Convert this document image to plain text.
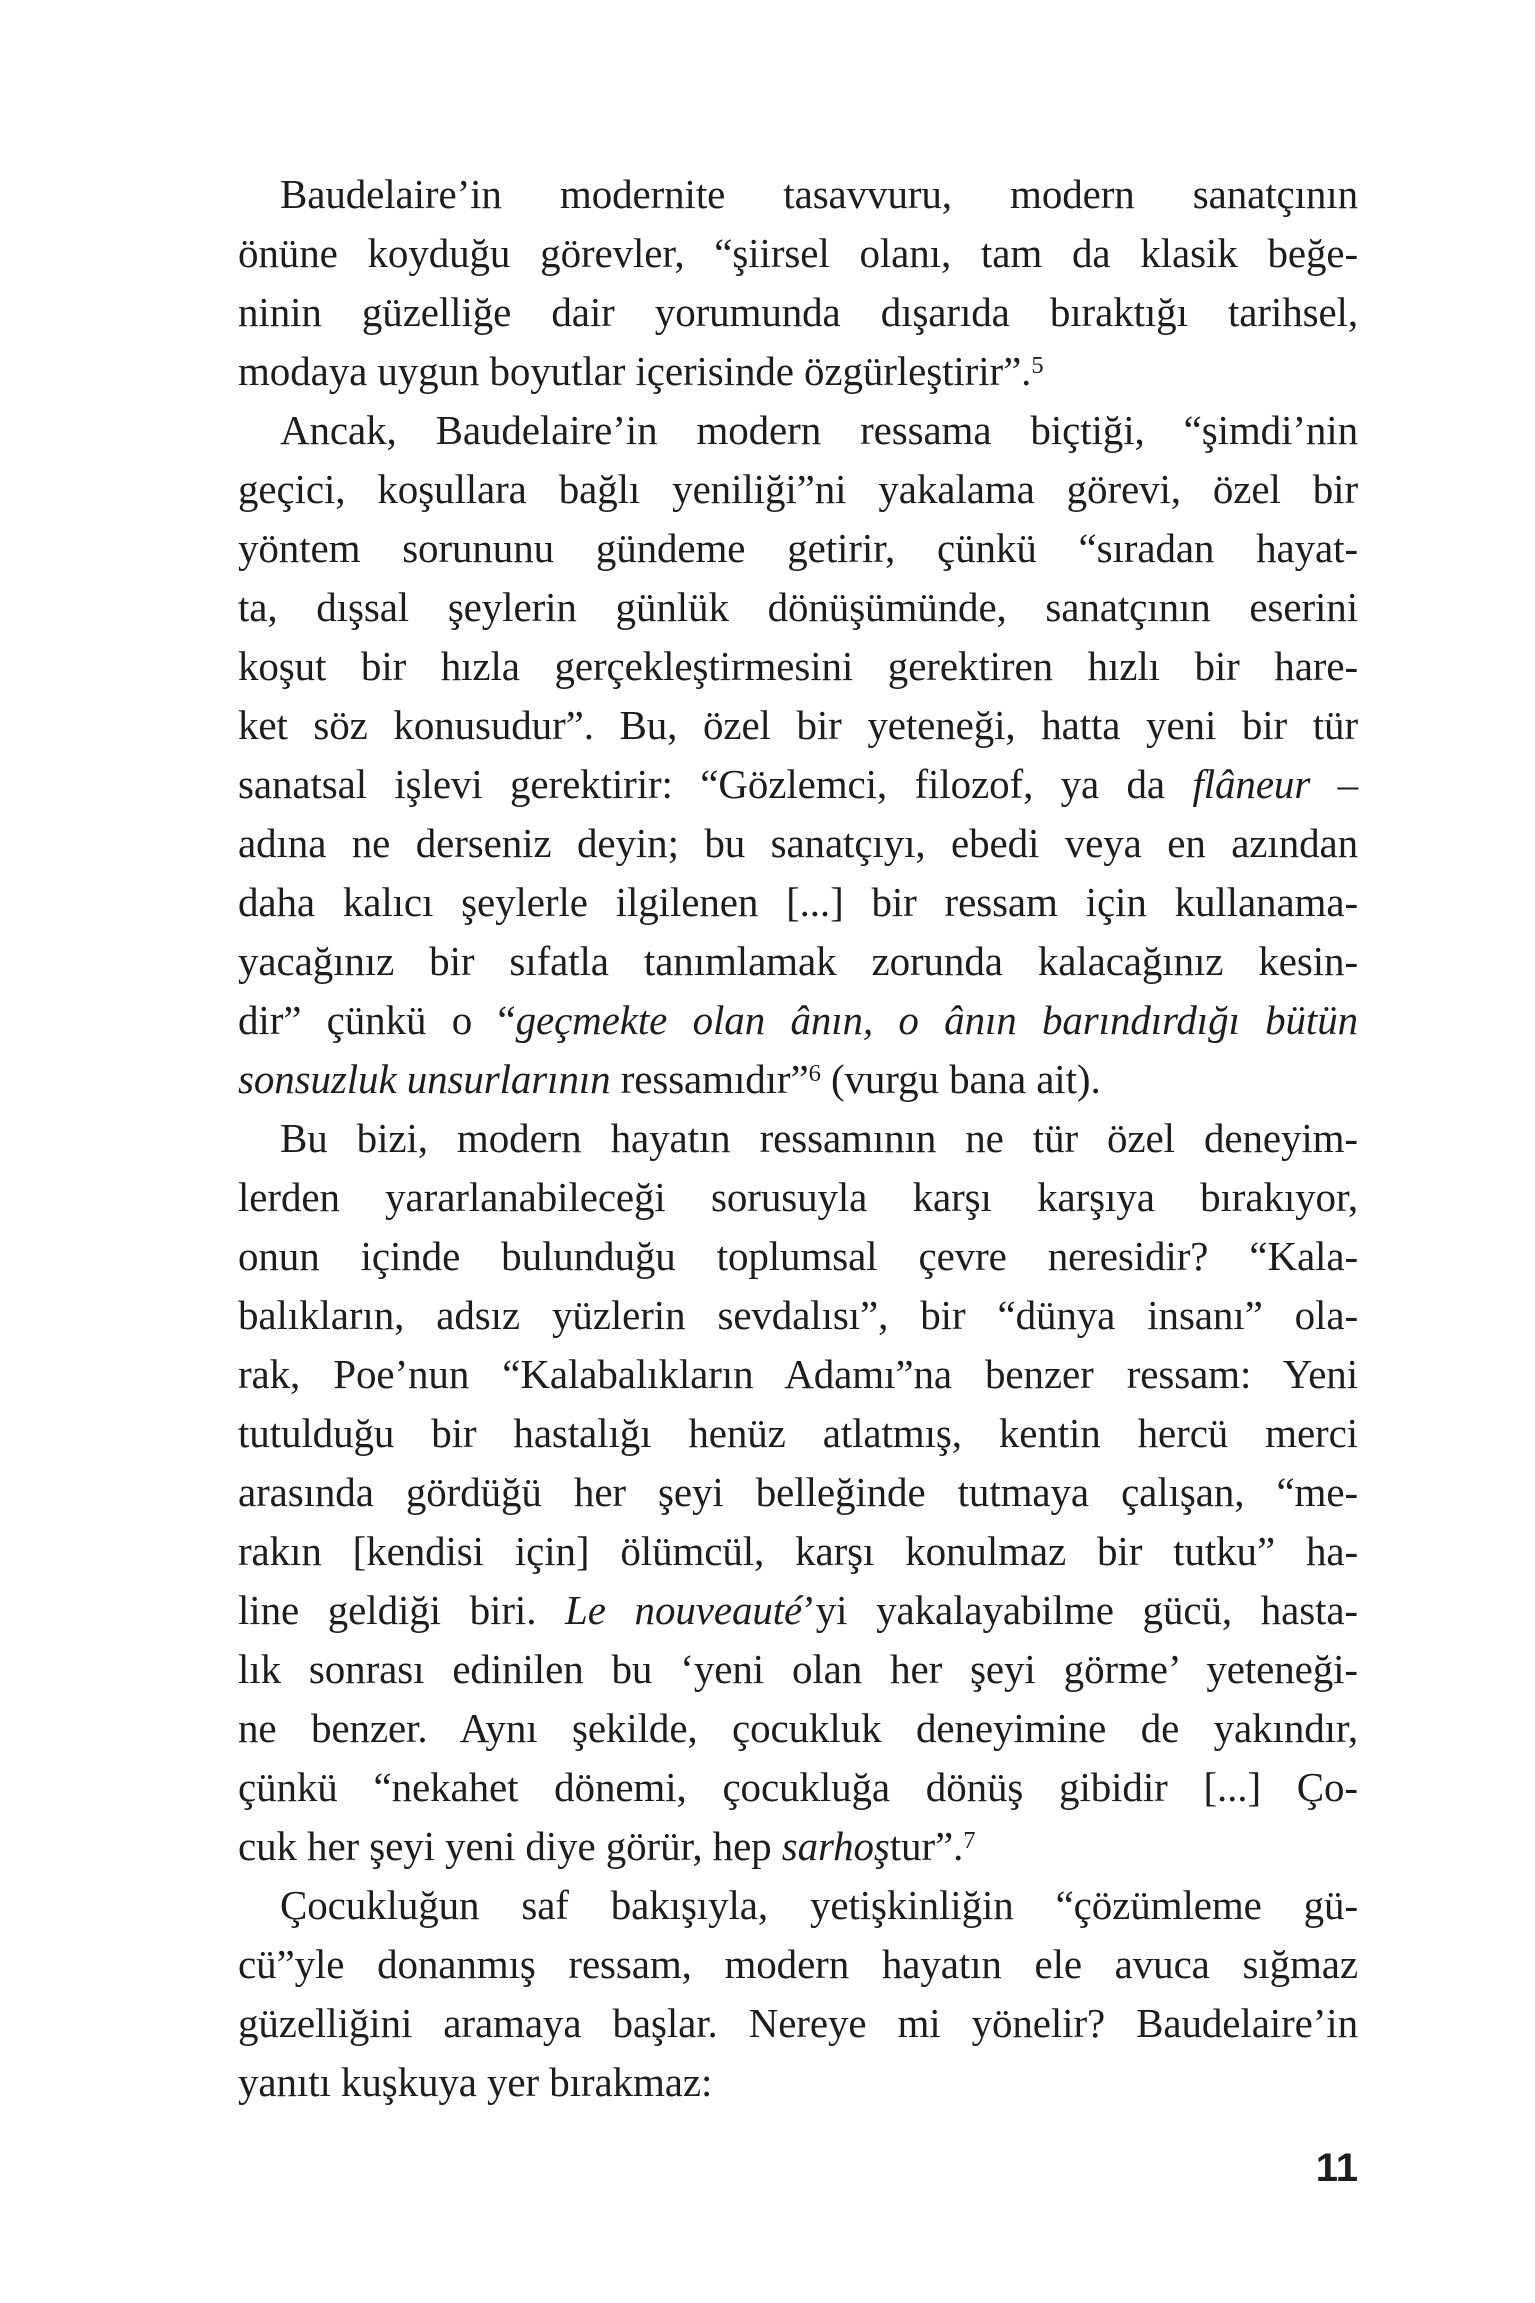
Baudelaire’in modernite tasavvuru, modern sanatçının
önüne koyduğu görevler, “şiirsel olanı, tam da klasik beğe-
ninin güzelliğe dair yorumunda dışarıda bıraktığı tarihsel,
modaya uygun boyutlar içerisinde özgürleştirir”.$^5$
Ancak, Baudelaire’in modern ressama biçtiği, “şimdi’nin
geçici, koşullara bağlı yeniliği”ni yakalama görevi, özel bir
yöntem sorununu gündeme getirir, çünkü “sıradan hayat-
ta, dışsal şeylerin günlük dönüşümünde, sanatçının eserini
koşut bir hızla gerçekleştirmesini gerektiren hızlı bir hare-
ket söz konusudur”. Bu, özel bir yeteneği, hatta yeni bir tür
sanatsal işlevi gerektirir: “Gözlemci, filozof, ya da flâneur –
adına ne derseniz deyin; bu sanatçıyı, ebedi veya en azından
daha kalıcı şeylerle ilgilenen [...] bir ressam için kullanama-
yacağınız bir sıfatla tanımlamak zorunda kalacağınız kesin-
dir” çünkü o “geçmekte olan ânın, o ânın barındırdığı bütün
sonsuzluk unsurlarının ressamıdır”$^6$ (vurgu bana ait).
Bu bizi, modern hayatın ressamının ne tür özel deneyim-
lerden yararlanabileceği sorusuyla karşı karşıya bırakıyor,
onun içinde bulunduğu toplumsal çevre neresidir? “Kala-
balıkların, adsız yüzlerin sevdalısı”, bir “dünya insanı” ola-
rak, Poe’nun “Kalabalıkların Adamı”na benzer ressam: Yeni
tutulduğu bir hastalığı henüz atlatmış, kentin hercü merci
arasında gördüğü her şeyi belleğinde tutmaya çalışan, “me-
rakın [kendisi için] ölümcül, karşı konulmaz bir tutku” ha-
line geldiği biri. Le nouveauté’yi yakalayabilme gücü, hasta-
lık sonrası edinilen bu ‘yeni olan her şeyi görme’ yeteneği-
ne benzer. Aynı şekilde, çocukluk deneyimine de yakındır,
çünkü “nekahet dönemi, çocukluğa dönüş gibidir [...] Ço-
cuk her şeyi yeni diye görür, hep sarhoştur”.$^7$
Çocukluğun saf bakışıyla, yetişkinliğin “çözümleme gü-
cü”yle donanmış ressam, modern hayatın ele avuca sığmaz
güzelliğini aramaya başlar. Nereye mi yönelir? Baudelaire’in
yanıtı kuşkuya yer bırakmaz:
11
